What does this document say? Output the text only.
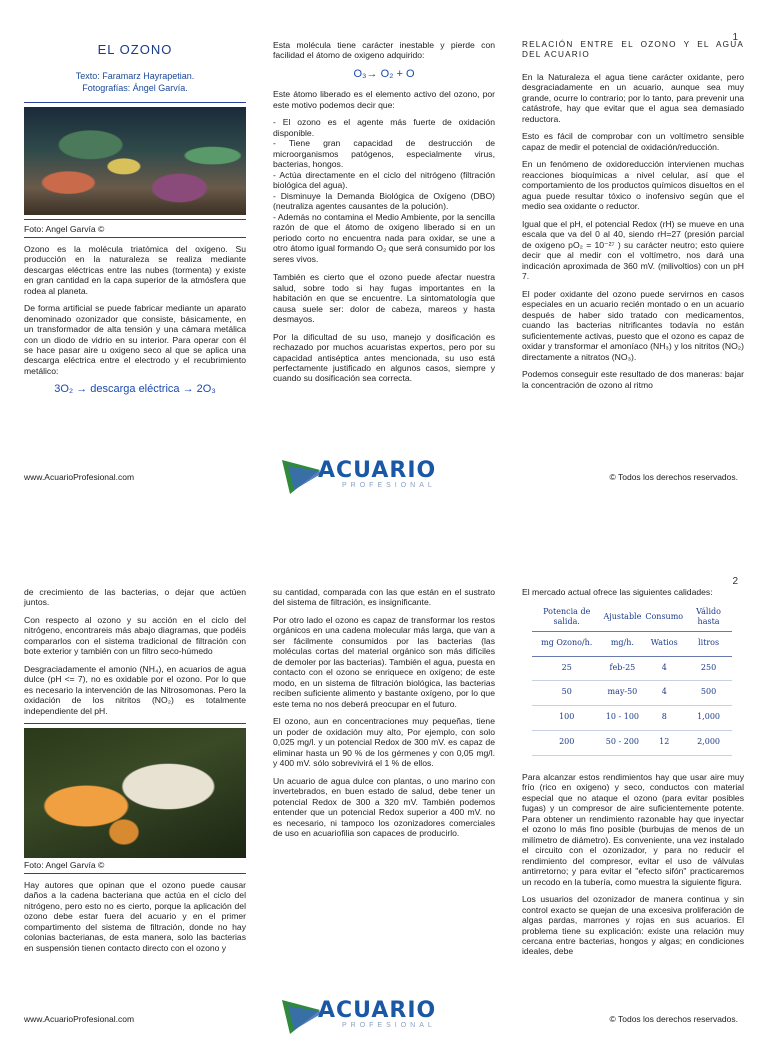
1
EL OZONO
Texto: Faramarz Hayrapetian.
Fotografías: Ángel Garvía.
Foto: Angel Garvía ©

Ozono es la molécula triatómica del oxigeno. Su producción en la naturaleza se realiza mediante descargas eléctricas entre las nubes (tormenta) y existe en gran cantidad en la capa superior de la atmósfera que rodea al planeta.

De forma artificial se puede fabricar mediante un aparato denominado ozonizador que consiste, básicamente, en un transformador de alta tensión y una cámara metálica con un diodo de vidrio en su interior. Para operar con él se hace pasar aire u oxigeno seco al que se aplica una descarga eléctrica entre el electrodo y el recubrimiento metálico:

3O₂ → descarga eléctrica → 2O₃

Esta molécula tiene carácter inestable y pierde con facilidad el átomo de oxigeno adquirido:

O₃→ O₂ + O

Este átomo liberado es el elemento activo del ozono, por este motivo podemos decir que:

- El ozono es el agente más fuerte de oxidación disponible.

- Tiene gran capacidad de destrucción de microorganismos patógenos, especialmente virus, bacterias, hongos.

- Actúa directamente en el ciclo del nitrógeno (filtración biológica del agua).

- Disminuye la Demanda Biológica de Oxígeno (DBO) (neutraliza agentes causantes de la polución).

- Además no contamina el Medio Ambiente, por la sencilla razón de que el átomo de oxigeno liberado si en un periodo corto no encuentra nada para oxidar, se une a otro átomo igual formando O₂ que será consumido por los seres vivos.

También es cierto que el ozono puede afectar nuestra salud, sobre todo si hay fugas importantes en la habitación en que se encuentre. La sintomatología que causa suele ser: dolor de cabeza, mareos y hasta desmayos.

Por la dificultad de su uso, manejo y dosificación es rechazado por muchos acuaristas expertos, pero por su capacidad antiséptica antes mencionada, su uso está perfectamente justificado en algunos casos, siempre y cuando su dosificación sea correcta.

RELACIÓN ENTRE EL OZONO Y EL AGUA DEL ACUARIO

En la Naturaleza el agua tiene carácter oxidante, pero desgraciadamente en un acuario, aunque sea muy grande, ocurre lo contrario; por lo tanto, para prevenir una catástrofe, hay que evitar que el agua sea demasiado reductora.

Esto es fácil de comprobar con un voltímetro sensible capaz de medir el potencial de oxidación/reducción.

En un fenómeno de oxidoreducción intervienen muchas reacciones bioquímicas a nivel celular, así que el comportamiento de los productos químicos disueltos en el agua puede resultar tóxico o inofensivo según que el medio sea oxidante o reductor.

Igual que el pH, el potencial Redox (rH) se mueve en una escala que va del 0 al 40, siendo rH=27 (presión parcial de oxigeno pO₂ = 10⁻²⁷ ) su carácter neutro; esto quiere decir que al medir con el voltímetro, nos dará una indicación aproximada de 360 mV. (milivoltios) con un pH 7.

El poder oxidante del ozono puede servirnos en casos especiales en un acuario recién montado o en un acuario después de haber sido tratado con medicamentos, cuando las bacterias nitrificantes todavía no están suficientemente activas, puesto que el ozono es capaz de oxidar y transformar el amoníaco (NH₃) y los nitritos (NO₂) directamente a nitratos (NO₃).

Podemos conseguir este resultado de dos maneras: bajar la concentración de ozono al ritmo

www.AcuarioProfesional.com	ACUARIO
PROFESIONAL
© Todos los derechos reservados.
2

de crecimiento de las bacterias, o dejar que actúen juntos.

Con respecto al ozono y su acción en el ciclo del nitrógeno, encontrareis más abajo diagramas, que podéis compararlos con el sistema tradicional de filtración con bote exterior y también con un filtro seco-húmedo

Desgraciadamente el amonio (NH₄), en acuarios de agua dulce (pH <= 7), no es oxidable por el ozono. Por lo que es necesario la intervención de las Nitrosomonas. Pero la oxidación de los nitritos (NO₂) es totalmente independiente del pH.

Foto: Angel Garvía ©

Hay autores que opinan que el ozono puede causar daños a la cadena bacteriana que actúa en el ciclo del nitrógeno, pero esto no es cierto, porque la aplicación del ozono debe estar fuera del acuario y en el primer compartimento del sistema de filtración, donde no hay colonias bacterianas, de esta manera, solo las bacterias en suspensión tienen contacto directo con el ozono y

su cantidad, comparada con las que están en el sustrato del sistema de filtración, es insignificante.

Por otro lado el ozono es capaz de transformar los restos orgánicos en una cadena molecular más larga, que van a ser fácilmente consumidos por las bacterias (las moléculas cortas del material orgánico son más difíciles de demoler por las bacterias). También el agua, puesta en contacto con el ozono se enriquece en oxígeno; de este modo, en un sistema de filtración biológica, las bacterias reciben suficiente alimento y bastante oxígeno, por lo que este tema no nos deberá preocupar en el futuro.

El ozono, aun en concentraciones muy pequeñas, tiene un poder de oxidación muy alto, Por ejemplo, con solo 0,025 mg/l. y un potencial Redox de 300 mV. es capaz de eliminar hasta un 90 % de los gérmenes y con 0,05 mg/l. y 400 mV. sólo sobrevivirá el 1 % de ellos.

Un acuario de agua dulce con plantas, o uno marino con invertebrados, en buen estado de salud, debe tener un potencial Redox de 300 a 320 mV. También podemos entender que un potencial Redox superior a 400 mV. no es necesario, ni tampoco los ozonizadores comerciales de uso en acuariofilia son capaces de producirlo.

El mercado actual ofrece las siguientes calidades:

Potencia de salida.	Ajustable	Consumo	Válido hasta
mg Ozono/h.	mg/h.	Watios	litros
25	feb-25	4	250
50	may-50	4	500
100	10 - 100	8	1,000
200	50 - 200	12	2,000

Para alcanzar estos rendimientos hay que usar aire muy frío (rico en oxigeno) y seco, conductos con material especial que no ataque el ozono (para evitar posibles fugas) y un compresor de aire suficientemente potente. Para obtener un rendimiento razonable hay que inyectar el ozono lo más fino posible (burbujas de menos de un milímetro de diámetro). Es conveniente, una vez instalado el circuito con el ozonizador, y para no reducir el rendimiento del compresor, evitar el uso de válvulas antirretorno; y para evitar el "efecto sifón" practicaremos un recodo en la tubería, como muestra la siguiente figura.

Los usuarios del ozonizador de manera continua y sin control exacto se quejan de una excesiva proliferación de algas pardas, marrones y rojas en sus acuarios. El problema tiene su explicación: existe una relación muy cercana entre bacterias, hongos y algas; en condiciones ideales, debe

www.AcuarioProfesional.com	ACUARIO
PROFESIONAL
© Todos los derechos reservados.
